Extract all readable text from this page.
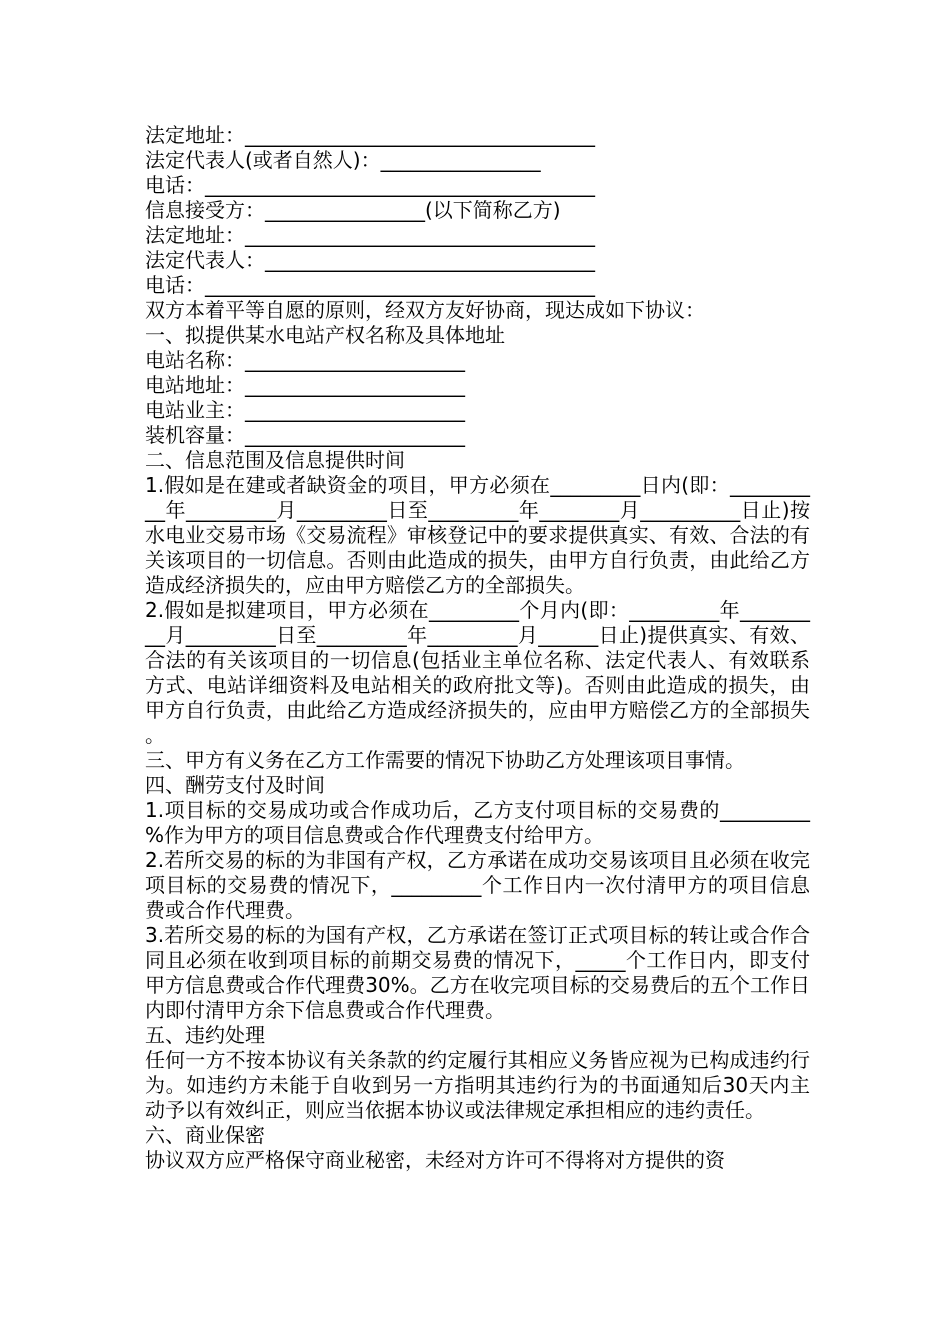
法定地址：___________________________________
法定代表人(或者自然人)：________________
电话：_______________________________________
信息接受方：________________(以下简称乙方)
法定地址：___________________________________
法定代表人：_________________________________
电话：_______________________________________
双方本着平等自愿的原则，经双方友好协商，现达成如下协议：
一、拟提供某水电站产权名称及具体地址
电站名称：______________________
电站地址：______________________
电站业主：______________________
装机容量：______________________
二、信息范围及信息提供时间
1.假如是在建或者缺资金的项目，甲方必须在_________日内(即：__________年_________月_________日至_________年________月__________日止)按水电业交易市场《交易流程》审核登记中的要求提供真实、有效、合法的有关该项目的一切信息。否则由此造成的损失，由甲方自行负责，由此给乙方造成经济损失的，应由甲方赔偿乙方的全部损失。
2.假如是拟建项目，甲方必须在_________个月内(即：_________年_________月_________日至_________年_________月______日止)提供真实、有效、合法的有关该项目的一切信息(包括业主单位名称、法定代表人、有效联系方式、电站详细资料及电站相关的政府批文等)。否则由此造成的损失，由甲方自行负责，由此给乙方造成经济损失的，应由甲方赔偿乙方的全部损失。
三、甲方有义务在乙方工作需要的情况下协助乙方处理该项目事情。
四、酬劳支付及时间
1.项目标的交易成功或合作成功后，乙方支付项目标的交易费的_________%作为甲方的项目信息费或合作代理费支付给甲方。
2.若所交易的标的为非国有产权，乙方承诺在成功交易该项目且必须在收完项目标的交易费的情况下，_________个工作日内一次付清甲方的项目信息费或合作代理费。
3.若所交易的标的为国有产权，乙方承诺在签订正式项目标的转让或合作合同且必须在收到项目标的前期交易费的情况下，_____个工作日内，即支付甲方信息费或合作代理费30%。乙方在收完项目标的交易费后的五个工作日内即付清甲方余下信息费或合作代理费。
五、违约处理
任何一方不按本协议有关条款的约定履行其相应义务皆应视为已构成违约行为。如违约方未能于自收到另一方指明其违约行为的书面通知后30天内主动予以有效纠正，则应当依据本协议或法律规定承担相应的违约责任。
六、商业保密
协议双方应严格保守商业秘密，未经对方许可不得将对方提供的资
